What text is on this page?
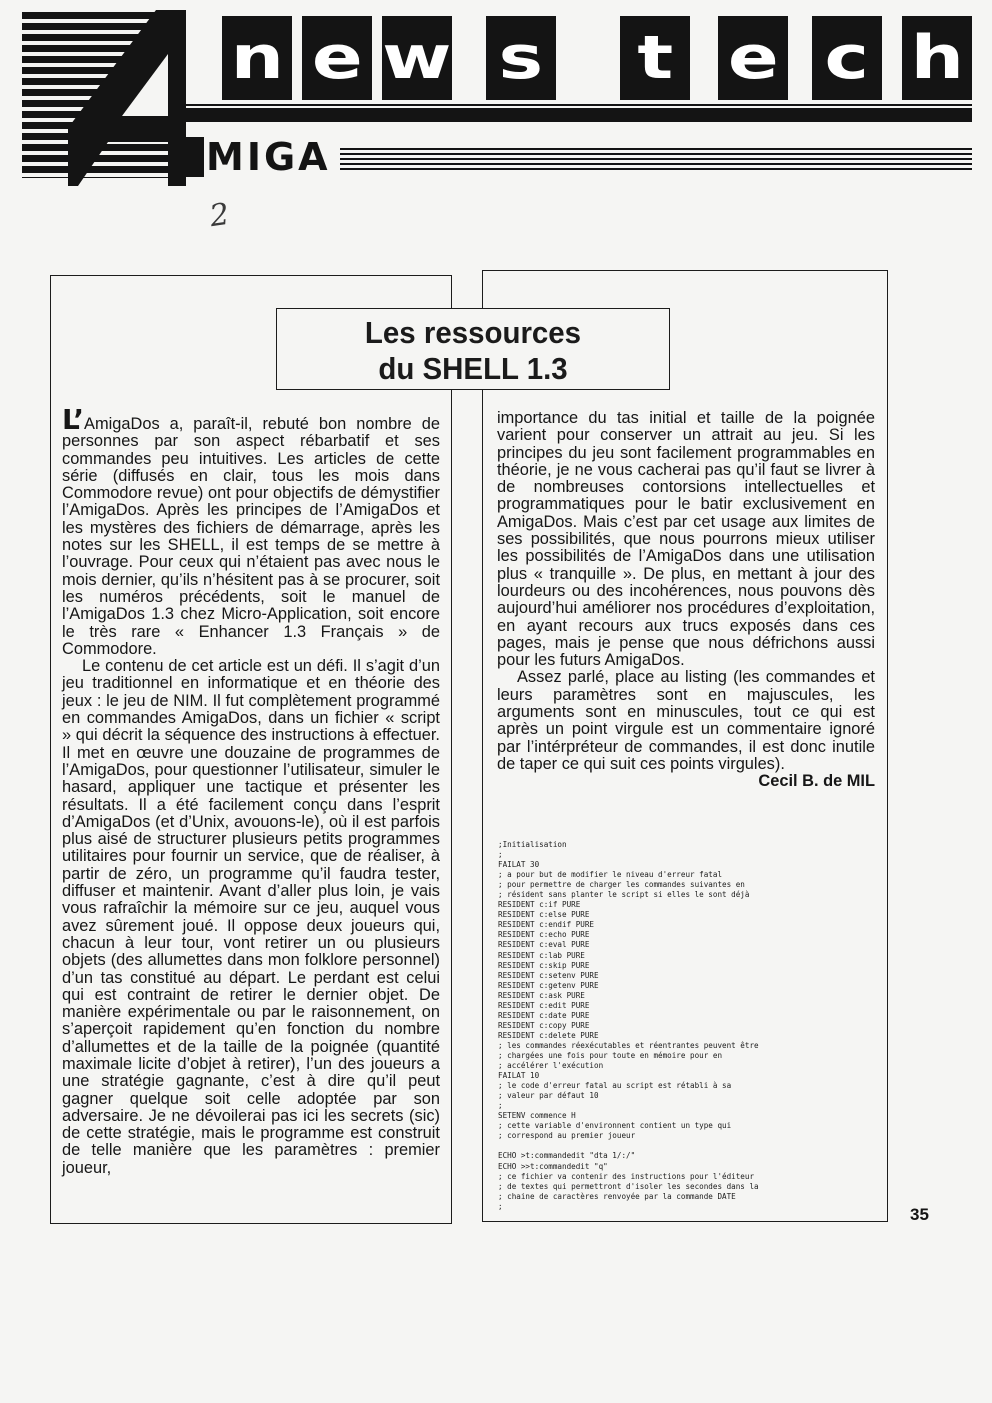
n e w s t e c h
MIGA
2
Les ressources
du SHELL 1.3

L’AmigaDos a, paraît-il, rebuté bon nombre de personnes par son aspect rébarbatif et ses commandes peu intuitives. Les articles de cette série (diffusés en clair, tous les mois dans Commodore revue) ont pour objectifs de démystifier l’AmigaDos. Après les principes de l’AmigaDos et les mystères des fichiers de démarrage, après les notes sur les SHELL, il est temps de se mettre à l’ouvrage. Pour ceux qui n’étaient pas avec nous le mois dernier, qu’ils n’hésitent pas à se procurer, soit les numéros précédents, soit le manuel de l’AmigaDos 1.3 chez Micro-Application, soit encore le très rare « Enhancer 1.3 Français » de Commodore.

Le contenu de cet article est un défi. Il s’agit d’un jeu traditionnel en informatique et en théorie des jeux : le jeu de NIM. Il fut complètement programmé en commandes AmigaDos, dans un fichier « script » qui décrit la séquence des instructions à effectuer. Il met en œuvre une douzaine de programmes de l’AmigaDos, pour questionner l’utilisateur, simuler le hasard, appliquer une tactique et présenter les résultats. Il a été facilement conçu dans l’esprit d’AmigaDos (et d’Unix, avouons-le), où il est parfois plus aisé de structurer plusieurs petits programmes utilitaires pour fournir un service, que de réaliser, à partir de zéro, un programme qu’il faudra tester, diffuser et maintenir. Avant d’aller plus loin, je vais vous rafraîchir la mémoire sur ce jeu, auquel vous avez sûrement joué. Il oppose deux joueurs qui, chacun à leur tour, vont retirer un ou plusieurs objets (des allumettes dans mon folklore personnel) d’un tas constitué au départ. Le perdant est celui qui est contraint de retirer le dernier objet. De manière expérimentale ou par le raisonnement, on s’aperçoit rapidement qu’en fonction du nombre d’allumettes et de la taille de la poignée (quantité maximale licite d’objet à retirer), l’un des joueurs a une stratégie gagnante, c’est à dire qu’il peut gagner quelque soit celle adoptée par son adversaire. Je ne dévoilerai pas ici les secrets (sic) de cette stratégie, mais le programme est construit de telle manière que les paramètres : premier joueur,

importance du tas initial et taille de la poignée varient pour conserver un attrait au jeu. Si les principes du jeu sont facilement programmables en théorie, je ne vous cacherai pas qu’il faut se livrer à de nombreuses contorsions intellectuelles et programmatiques pour le batir exclusivement en AmigaDos. Mais c’est par cet usage aux limites de ses possibilités, que nous pourrons mieux utiliser les possibilités de l’AmigaDos dans une utilisation plus « tranquille ». De plus, en mettant à jour des lourdeurs ou des incohérences, nous pouvons dès aujourd’hui améliorer nos procédures d’exploitation, en ayant recours aux trucs exposés dans ces pages, mais je pense que nous défrichons aussi pour les futurs AmigaDos.

Assez parlé, place au listing (les commandes et leurs paramètres sont en majuscules, les arguments sont en minuscules, tout ce qui est après un point virgule est un commentaire ignoré par l’intérpréteur de commandes, il est donc inutile de taper ce qui suit ces points virgules).

Cecil B. de MIL

;Initialisation
;
FAILAT 30
; a pour but de modifier le niveau d'erreur fatal
; pour permettre de charger les commandes suivantes en
; résident sans planter le script si elles le sont déjà
RESIDENT c:if PURE
RESIDENT c:else PURE
RESIDENT c:endif PURE
RESIDENT c:echo PURE
RESIDENT c:eval PURE
RESIDENT c:lab PURE
RESIDENT c:skip PURE
RESIDENT c:setenv PURE
RESIDENT c:getenv PURE
RESIDENT c:ask PURE
RESIDENT c:edit PURE
RESIDENT c:date PURE
RESIDENT c:copy PURE
RESIDENT c:delete PURE
; les commandes réexécutables et réentrantes peuvent être
; chargées une fois pour toute en mémoire pour en
; accélérer l'exécution
FAILAT 10
; le code d'erreur fatal au script est rétabli à sa
; valeur par défaut 10
;
SETENV commence H
; cette variable d'environnent contient un type qui
; correspond au premier joueur

ECHO >t:commandedit "dta 1/:/"
ECHO >>t:commandedit "q"
; ce fichier va contenir des instructions pour l'éditeur
; de textes qui permettront d'isoler les secondes dans la
; chaine de caractères renvoyée par la commande DATE
;	35
